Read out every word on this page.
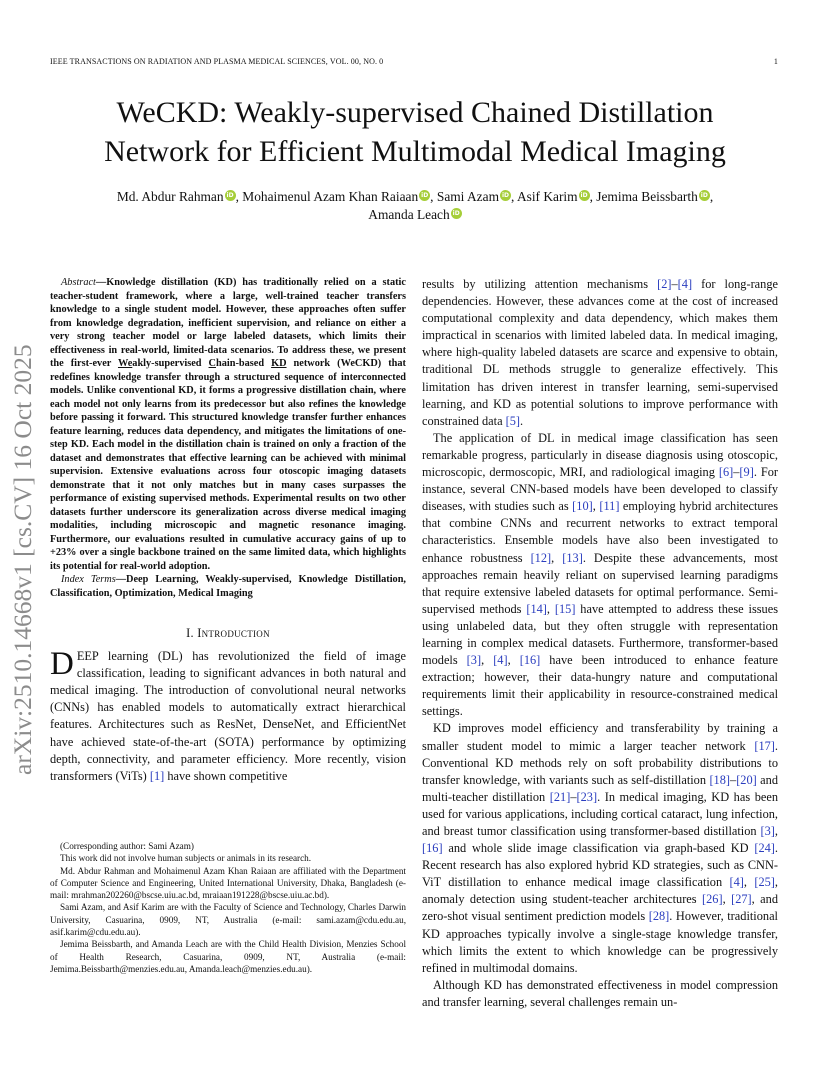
IEEE TRANSACTIONS ON RADIATION AND PLASMA MEDICAL SCIENCES, VOL. 00, NO. 0	1
WeCKD: Weakly-supervised Chained Distillation
Network for Efficient Multimodal Medical Imaging
Md. Abdur Rahman iD , Mohaimenul Azam Khan Raiaan iD , Sami Azam iD , Asif Karim iD , Jemima Beissbarth iD ,
Amanda Leach iD
arXiv:2510.14668v1 [cs.CV] 16 Oct 2025

Abstract—Knowledge distillation (KD) has traditionally relied on a static teacher-student framework, where a large, well-trained teacher transfers knowledge to a single student model. However, these approaches often suffer from knowledge degradation, inefficient supervision, and reliance on either a very strong teacher model or large labeled datasets, which limits their effectiveness in real-world, limited-data scenarios. To address these, we present the first-ever Weakly-supervised Chain-based KD network (WeCKD) that redefines knowledge transfer through a structured sequence of interconnected models. Unlike conventional KD, it forms a progressive distillation chain, where each model not only learns from its predecessor but also refines the knowledge before passing it forward. This structured knowledge transfer further enhances feature learning, reduces data dependency, and mitigates the limitations of one-step KD. Each model in the distillation chain is trained on only a fraction of the dataset and demonstrates that effective learning can be achieved with minimal supervision. Extensive evaluations across four otoscopic imaging datasets demonstrate that it not only matches but in many cases surpasses the performance of existing supervised methods. Experimental results on two other datasets further underscore its generalization across diverse medical imaging modalities, including microscopic and magnetic resonance imaging. Furthermore, our evaluations resulted in cumulative accuracy gains of up to +23% over a single backbone trained on the same limited data, which highlights its potential for real-world adoption.

Index Terms—Deep Learning, Weakly-supervised, Knowledge Distillation, Classification, Optimization, Medical Imaging

I. Introduction

DEEP learning (DL) has revolutionized the field of image classification, leading to significant advances in both natural and medical imaging. The introduction of convolutional neural networks (CNNs) has enabled models to automatically extract hierarchical features. Architectures such as ResNet, DenseNet, and EfficientNet have achieved state-of-the-art (SOTA) performance by optimizing depth, connectivity, and parameter efficiency. More recently, vision transformers (ViTs) [1] have shown competitive

(Corresponding author: Sami Azam)

This work did not involve human subjects or animals in its research.

Md. Abdur Rahman and Mohaimenul Azam Khan Raiaan are affiliated with the Department of Computer Science and Engineering, United International University, Dhaka, Bangladesh (e-mail: mrahman202260@bscse.uiu.ac.bd, mraiaan191228@bscse.uiu.ac.bd).

Sami Azam, and Asif Karim are with the Faculty of Science and Technology, Charles Darwin University, Casuarina, 0909, NT, Australia (e-mail: sami.azam@cdu.edu.au, asif.karim@cdu.edu.au).

Jemima Beissbarth, and Amanda Leach are with the Child Health Division, Menzies School of Health Research, Casuarina, 0909, NT, Australia (e-mail: Jemima.Beissbarth@menzies.edu.au, Amanda.leach@menzies.edu.au).

results by utilizing attention mechanisms [2]–[4] for long-range dependencies. However, these advances come at the cost of increased computational complexity and data dependency, which makes them impractical in scenarios with limited labeled data. In medical imaging, where high-quality labeled datasets are scarce and expensive to obtain, traditional DL methods struggle to generalize effectively. This limitation has driven interest in transfer learning, semi-supervised learning, and KD as potential solutions to improve performance with constrained data [5].

The application of DL in medical image classification has seen remarkable progress, particularly in disease diagnosis using otoscopic, microscopic, dermoscopic, MRI, and radiological imaging [6]–[9]. For instance, several CNN-based models have been developed to classify diseases, with studies such as [10], [11] employing hybrid architectures that combine CNNs and recurrent networks to extract temporal characteristics. Ensemble models have also been investigated to enhance robustness [12], [13]. Despite these advancements, most approaches remain heavily reliant on supervised learning paradigms that require extensive labeled datasets for optimal performance. Semi-supervised methods [14], [15] have attempted to address these issues using unlabeled data, but they often struggle with representation learning in complex medical datasets. Furthermore, transformer-based models [3], [4], [16] have been introduced to enhance feature extraction; however, their data-hungry nature and computational requirements limit their applicability in resource-constrained medical settings.

KD improves model efficiency and transferability by training a smaller student model to mimic a larger teacher network [17]. Conventional KD methods rely on soft probability distributions to transfer knowledge, with variants such as self-distillation [18]–[20] and multi-teacher distillation [21]–[23]. In medical imaging, KD has been used for various applications, including cortical cataract, lung infection, and breast tumor classification using transformer-based distillation [3], [16] and whole slide image classification via graph-based KD [24]. Recent research has also explored hybrid KD strategies, such as CNN-ViT distillation to enhance medical image classification [4], [25], anomaly detection using student-teacher architectures [26], [27], and zero-shot visual sentiment prediction models [28]. However, traditional KD approaches typically involve a single-stage knowledge transfer, which limits the extent to which knowledge can be progressively refined in multimodal domains.

Although KD has demonstrated effectiveness in model compression and transfer learning, several challenges remain un-
